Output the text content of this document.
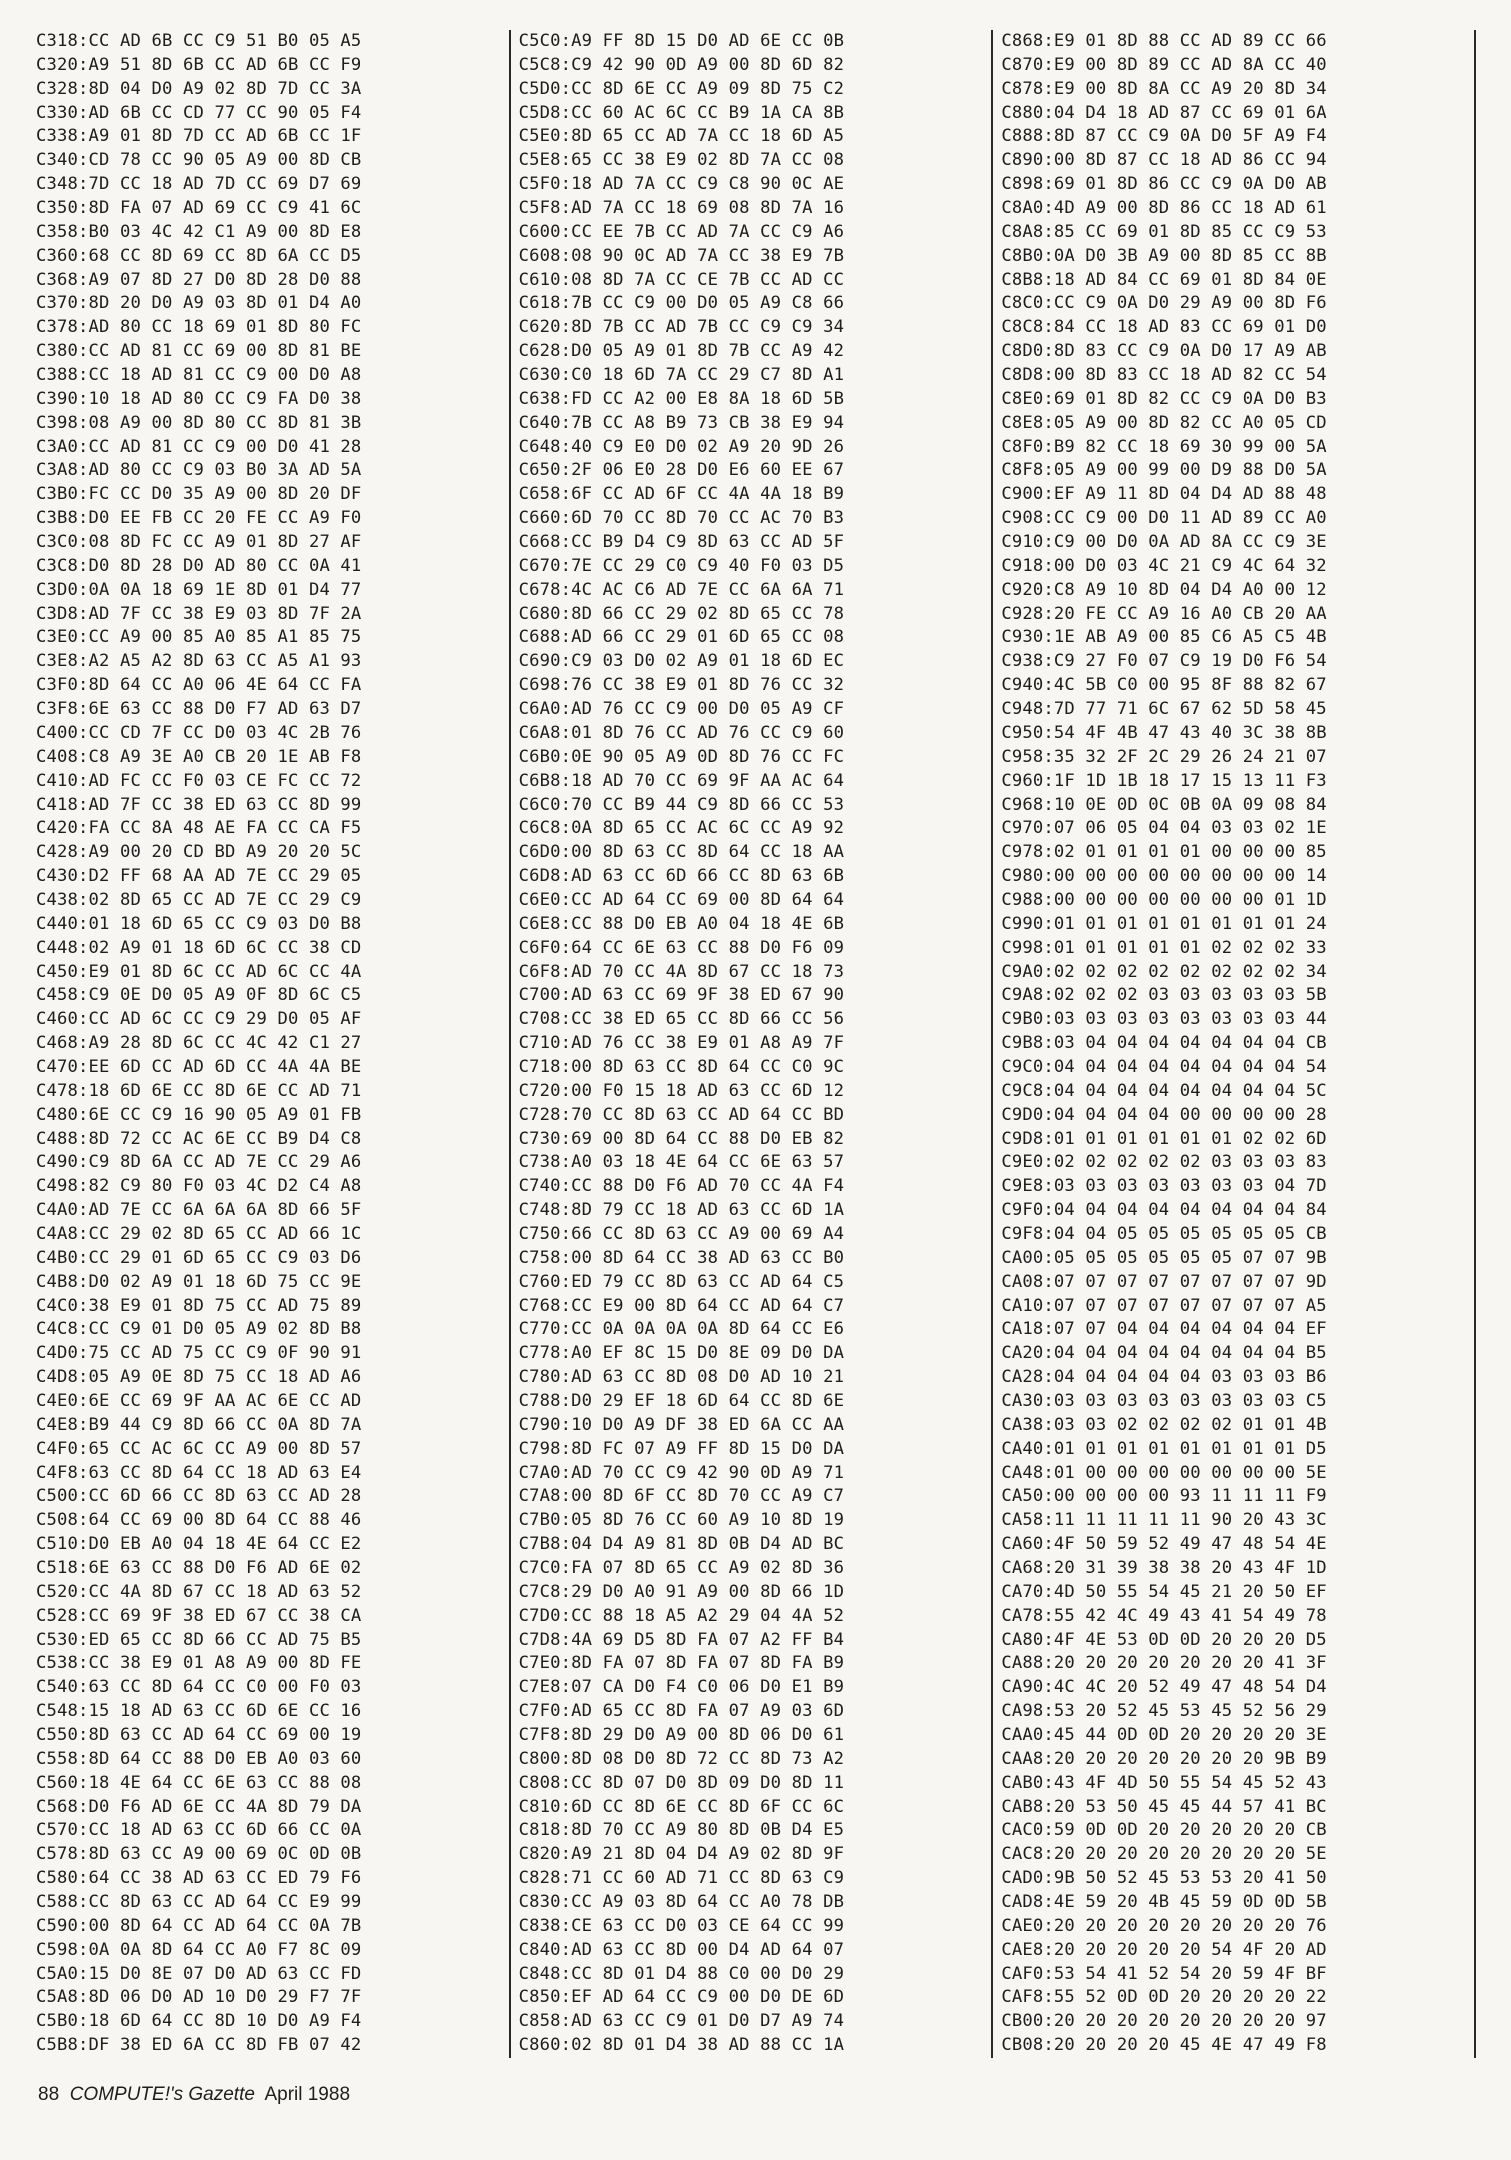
C318:CC AD 6B CC C9 51 B0 05 A5
C320:A9 51 8D 6B CC AD 6B CC F9
C328:8D 04 D0 A9 02 8D 7D CC 3A
C330:AD 6B CC CD 77 CC 90 05 F4
C338:A9 01 8D 7D CC AD 6B CC 1F
C340:CD 78 CC 90 05 A9 00 8D CB
C348:7D CC 18 AD 7D CC 69 D7 69
C350:8D FA 07 AD 69 CC C9 41 6C
C358:B0 03 4C 42 C1 A9 00 8D E8
C360:68 CC 8D 69 CC 8D 6A CC D5
C368:A9 07 8D 27 D0 8D 28 D0 88
C370:8D 20 D0 A9 03 8D 01 D4 A0
C378:AD 80 CC 18 69 01 8D 80 FC
C380:CC AD 81 CC 69 00 8D 81 BE
C388:CC 18 AD 81 CC C9 00 D0 A8
C390:10 18 AD 80 CC C9 FA D0 38
C398:08 A9 00 8D 80 CC 8D 81 3B
C3A0:CC AD 81 CC C9 00 D0 41 28
C3A8:AD 80 CC C9 03 B0 3A AD 5A
C3B0:FC CC D0 35 A9 00 8D 20 DF
C3B8:D0 EE FB CC 20 FE CC A9 F0
C3C0:08 8D FC CC A9 01 8D 27 AF
C3C8:D0 8D 28 D0 AD 80 CC 0A 41
C3D0:0A 0A 18 69 1E 8D 01 D4 77
C3D8:AD 7F CC 38 E9 03 8D 7F 2A
C3E0:CC A9 00 85 A0 85 A1 85 75
C3E8:A2 A5 A2 8D 63 CC A5 A1 93
C3F0:8D 64 CC A0 06 4E 64 CC FA
C3F8:6E 63 CC 88 D0 F7 AD 63 D7
C400:CC CD 7F CC D0 03 4C 2B 76
C408:C8 A9 3E A0 CB 20 1E AB F8
C410:AD FC CC F0 03 CE FC CC 72
C418:AD 7F CC 38 ED 63 CC 8D 99
C420:FA CC 8A 48 AE FA CC CA F5
C428:A9 00 20 CD BD A9 20 20 5C
C430:D2 FF 68 AA AD 7E CC 29 05
C438:02 8D 65 CC AD 7E CC 29 C9
C440:01 18 6D 65 CC C9 03 D0 B8
C448:02 A9 01 18 6D 6C CC 38 CD
C450:E9 01 8D 6C CC AD 6C CC 4A
C458:C9 0E D0 05 A9 0F 8D 6C C5
C460:CC AD 6C CC C9 29 D0 05 AF
C468:A9 28 8D 6C CC 4C 42 C1 27
C470:EE 6D CC AD 6D CC 4A 4A BE
C478:18 6D 6E CC 8D 6E CC AD 71
C480:6E CC C9 16 90 05 A9 01 FB
C488:8D 72 CC AC 6E CC B9 D4 C8
C490:C9 8D 6A CC AD 7E CC 29 A6
C498:82 C9 80 F0 03 4C D2 C4 A8
C4A0:AD 7E CC 6A 6A 6A 8D 66 5F
C4A8:CC 29 02 8D 65 CC AD 66 1C
C4B0:CC 29 01 6D 65 CC C9 03 D6
C4B8:D0 02 A9 01 18 6D 75 CC 9E
C4C0:38 E9 01 8D 75 CC AD 75 89
C4C8:CC C9 01 D0 05 A9 02 8D B8
C4D0:75 CC AD 75 CC C9 0F 90 91
C4D8:05 A9 0E 8D 75 CC 18 AD A6
C4E0:6E CC 69 9F AA AC 6E CC AD
C4E8:B9 44 C9 8D 66 CC 0A 8D 7A
C4F0:65 CC AC 6C CC A9 00 8D 57
C4F8:63 CC 8D 64 CC 18 AD 63 E4
C500:CC 6D 66 CC 8D 63 CC AD 28
C508:64 CC 69 00 8D 64 CC 88 46
C510:D0 EB A0 04 18 4E 64 CC E2
C518:6E 63 CC 88 D0 F6 AD 6E 02
C520:CC 4A 8D 67 CC 18 AD 63 52
C528:CC 69 9F 38 ED 67 CC 38 CA
C530:ED 65 CC 8D 66 CC AD 75 B5
C538:CC 38 E9 01 A8 A9 00 8D FE
C540:63 CC 8D 64 CC C0 00 F0 03
C548:15 18 AD 63 CC 6D 6E CC 16
C550:8D 63 CC AD 64 CC 69 00 19
C558:8D 64 CC 88 D0 EB A0 03 60
C560:18 4E 64 CC 6E 63 CC 88 08
C568:D0 F6 AD 6E CC 4A 8D 79 DA
C570:CC 18 AD 63 CC 6D 66 CC 0A
C578:8D 63 CC A9 00 69 0C 0D 0B
C580:64 CC 38 AD 63 CC ED 79 F6
C588:CC 8D 63 CC AD 64 CC E9 99
C590:00 8D 64 CC AD 64 CC 0A 7B
C598:0A 0A 8D 64 CC A0 F7 8C 09
C5A0:15 D0 8E 07 D0 AD 63 CC FD
C5A8:8D 06 D0 AD 10 D0 29 F7 7F
C5B0:18 6D 64 CC 8D 10 D0 A9 F4
C5B8:DF 38 ED 6A CC 8D FB 07 42
C5C0:A9 FF 8D 15 D0 AD 6E CC 0B
C5C8:C9 42 90 0D A9 00 8D 6D 82
C5D0:CC 8D 6E CC A9 09 8D 75 C2
C5D8:CC 60 AC 6C CC B9 1A CA 8B
C5E0:8D 65 CC AD 7A CC 18 6D A5
C5E8:65 CC 38 E9 02 8D 7A CC 08
C5F0:18 AD 7A CC C9 C8 90 0C AE
C5F8:AD 7A CC 18 69 08 8D 7A 16
C600:CC EE 7B CC AD 7A CC C9 A6
C608:08 90 0C AD 7A CC 38 E9 7B
C610:08 8D 7A CC CE 7B CC AD CC
C618:7B CC C9 00 D0 05 A9 C8 66
C620:8D 7B CC AD 7B CC C9 C9 34
C628:D0 05 A9 01 8D 7B CC A9 42
C630:C0 18 6D 7A CC 29 C7 8D A1
C638:FD CC A2 00 E8 8A 18 6D 5B
C640:7B CC A8 B9 73 CB 38 E9 94
C648:40 C9 E0 D0 02 A9 20 9D 26
C650:2F 06 E0 28 D0 E6 60 EE 67
C658:6F CC AD 6F CC 4A 4A 18 B9
C660:6D 70 CC 8D 70 CC AC 70 B3
C668:CC B9 D4 C9 8D 63 CC AD 5F
C670:7E CC 29 C0 C9 40 F0 03 D5
C678:4C AC C6 AD 7E CC 6A 6A 71
C680:8D 66 CC 29 02 8D 65 CC 78
C688:AD 66 CC 29 01 6D 65 CC 08
C690:C9 03 D0 02 A9 01 18 6D EC
C698:76 CC 38 E9 01 8D 76 CC 32
C6A0:AD 76 CC C9 00 D0 05 A9 CF
C6A8:01 8D 76 CC AD 76 CC C9 60
C6B0:0E 90 05 A9 0D 8D 76 CC FC
C6B8:18 AD 70 CC 69 9F AA AC 64
C6C0:70 CC B9 44 C9 8D 66 CC 53
C6C8:0A 8D 65 CC AC 6C CC A9 92
C6D0:00 8D 63 CC 8D 64 CC 18 AA
C6D8:AD 63 CC 6D 66 CC 8D 63 6B
C6E0:CC AD 64 CC 69 00 8D 64 64
C6E8:CC 88 D0 EB A0 04 18 4E 6B
C6F0:64 CC 6E 63 CC 88 D0 F6 09
C6F8:AD 70 CC 4A 8D 67 CC 18 73
C700:AD 63 CC 69 9F 38 ED 67 90
C708:CC 38 ED 65 CC 8D 66 CC 56
C710:AD 76 CC 38 E9 01 A8 A9 7F
C718:00 8D 63 CC 8D 64 CC C0 9C
C720:00 F0 15 18 AD 63 CC 6D 12
C728:70 CC 8D 63 CC AD 64 CC BD
C730:69 00 8D 64 CC 88 D0 EB 82
C738:A0 03 18 4E 64 CC 6E 63 57
C740:CC 88 D0 F6 AD 70 CC 4A F4
C748:8D 79 CC 18 AD 63 CC 6D 1A
C750:66 CC 8D 63 CC A9 00 69 A4
C758:00 8D 64 CC 38 AD 63 CC B0
C760:ED 79 CC 8D 63 CC AD 64 C5
C768:CC E9 00 8D 64 CC AD 64 C7
C770:CC 0A 0A 0A 0A 8D 64 CC E6
C778:A0 EF 8C 15 D0 8E 09 D0 DA
C780:AD 63 CC 8D 08 D0 AD 10 21
C788:D0 29 EF 18 6D 64 CC 8D 6E
C790:10 D0 A9 DF 38 ED 6A CC AA
C798:8D FC 07 A9 FF 8D 15 D0 DA
C7A0:AD 70 CC C9 42 90 0D A9 71
C7A8:00 8D 6F CC 8D 70 CC A9 C7
C7B0:05 8D 76 CC 60 A9 10 8D 19
C7B8:04 D4 A9 81 8D 0B D4 AD BC
C7C0:FA 07 8D 65 CC A9 02 8D 36
C7C8:29 D0 A0 91 A9 00 8D 66 1D
C7D0:CC 88 18 A5 A2 29 04 4A 52
C7D8:4A 69 D5 8D FA 07 A2 FF B4
C7E0:8D FA 07 8D FA 07 8D FA B9
C7E8:07 CA D0 F4 C0 06 D0 E1 B9
C7F0:AD 65 CC 8D FA 07 A9 03 6D
C7F8:8D 29 D0 A9 00 8D 06 D0 61
C800:8D 08 D0 8D 72 CC 8D 73 A2
C808:CC 8D 07 D0 8D 09 D0 8D 11
C810:6D CC 8D 6E CC 8D 6F CC 6C
C818:8D 70 CC A9 80 8D 0B D4 E5
C820:A9 21 8D 04 D4 A9 02 8D 9F
C828:71 CC 60 AD 71 CC 8D 63 C9
C830:CC A9 03 8D 64 CC A0 78 DB
C838:CE 63 CC D0 03 CE 64 CC 99
C840:AD 63 CC 8D 00 D4 AD 64 07
C848:CC 8D 01 D4 88 C0 00 D0 29
C850:EF AD 64 CC C9 00 D0 DE 6D
C858:AD 63 CC C9 01 D0 D7 A9 74
C860:02 8D 01 D4 38 AD 88 CC 1A
C868:E9 01 8D 88 CC AD 89 CC 66
C870:E9 00 8D 89 CC AD 8A CC 40
C878:E9 00 8D 8A CC A9 20 8D 34
C880:04 D4 18 AD 87 CC 69 01 6A
C888:8D 87 CC C9 0A D0 5F A9 F4
C890:00 8D 87 CC 18 AD 86 CC 94
C898:69 01 8D 86 CC C9 0A D0 AB
C8A0:4D A9 00 8D 86 CC 18 AD 61
C8A8:85 CC 69 01 8D 85 CC C9 53
C8B0:0A D0 3B A9 00 8D 85 CC 8B
C8B8:18 AD 84 CC 69 01 8D 84 0E
C8C0:CC C9 0A D0 29 A9 00 8D F6
C8C8:84 CC 18 AD 83 CC 69 01 D0
C8D0:8D 83 CC C9 0A D0 17 A9 AB
C8D8:00 8D 83 CC 18 AD 82 CC 54
C8E0:69 01 8D 82 CC C9 0A D0 B3
C8E8:05 A9 00 8D 82 CC A0 05 CD
C8F0:B9 82 CC 18 69 30 99 00 5A
C8F8:05 A9 00 99 00 D9 88 D0 5A
C900:EF A9 11 8D 04 D4 AD 88 48
C908:CC C9 00 D0 11 AD 89 CC A0
C910:C9 00 D0 0A AD 8A CC C9 3E
C918:00 D0 03 4C 21 C9 4C 64 32
C920:C8 A9 10 8D 04 D4 A0 00 12
C928:20 FE CC A9 16 A0 CB 20 AA
C930:1E AB A9 00 85 C6 A5 C5 4B
C938:C9 27 F0 07 C9 19 D0 F6 54
C940:4C 5B C0 00 95 8F 88 82 67
C948:7D 77 71 6C 67 62 5D 58 45
C950:54 4F 4B 47 43 40 3C 38 8B
C958:35 32 2F 2C 29 26 24 21 07
C960:1F 1D 1B 18 17 15 13 11 F3
C968:10 0E 0D 0C 0B 0A 09 08 84
C970:07 06 05 04 04 03 03 02 1E
C978:02 01 01 01 01 00 00 00 85
C980:00 00 00 00 00 00 00 00 14
C988:00 00 00 00 00 00 00 01 1D
C990:01 01 01 01 01 01 01 01 24
C998:01 01 01 01 01 02 02 02 33
C9A0:02 02 02 02 02 02 02 02 34
C9A8:02 02 02 03 03 03 03 03 5B
C9B0:03 03 03 03 03 03 03 03 44
C9B8:03 04 04 04 04 04 04 04 CB
C9C0:04 04 04 04 04 04 04 04 54
C9C8:04 04 04 04 04 04 04 04 5C
C9D0:04 04 04 04 00 00 00 00 28
C9D8:01 01 01 01 01 01 02 02 6D
C9E0:02 02 02 02 02 03 03 03 83
C9E8:03 03 03 03 03 03 03 04 7D
C9F0:04 04 04 04 04 04 04 04 84
C9F8:04 04 05 05 05 05 05 05 CB
CA00:05 05 05 05 05 05 07 07 9B
CA08:07 07 07 07 07 07 07 07 9D
CA10:07 07 07 07 07 07 07 07 A5
CA18:07 07 04 04 04 04 04 04 EF
CA20:04 04 04 04 04 04 04 04 B5
CA28:04 04 04 04 04 03 03 03 B6
CA30:03 03 03 03 03 03 03 03 C5
CA38:03 03 02 02 02 02 01 01 4B
CA40:01 01 01 01 01 01 01 01 D5
CA48:01 00 00 00 00 00 00 00 5E
CA50:00 00 00 00 93 11 11 11 F9
CA58:11 11 11 11 11 90 20 43 3C
CA60:4F 50 59 52 49 47 48 54 4E
CA68:20 31 39 38 38 20 43 4F 1D
CA70:4D 50 55 54 45 21 20 50 EF
CA78:55 42 4C 49 43 41 54 49 78
CA80:4F 4E 53 0D 0D 20 20 20 D5
CA88:20 20 20 20 20 20 20 41 3F
CA90:4C 4C 20 52 49 47 48 54 D4
CA98:53 20 52 45 53 45 52 56 29
CAA0:45 44 0D 0D 20 20 20 20 3E
CAA8:20 20 20 20 20 20 20 9B B9
CAB0:43 4F 4D 50 55 54 45 52 43
CAB8:20 53 50 45 45 44 57 41 BC
CAC0:59 0D 0D 20 20 20 20 20 CB
CAC8:20 20 20 20 20 20 20 20 5E
CAD0:9B 50 52 45 53 53 20 41 50
CAD8:4E 59 20 4B 45 59 0D 0D 5B
CAE0:20 20 20 20 20 20 20 20 76
CAE8:20 20 20 20 20 54 4F 20 AD
CAF0:53 54 41 52 54 20 59 4F BF
CAF8:55 52 0D 0D 20 20 20 20 22
CB00:20 20 20 20 20 20 20 20 97
CB08:20 20 20 20 45 4E 47 49 F8
88 COMPUTE!'s Gazette April 1988
